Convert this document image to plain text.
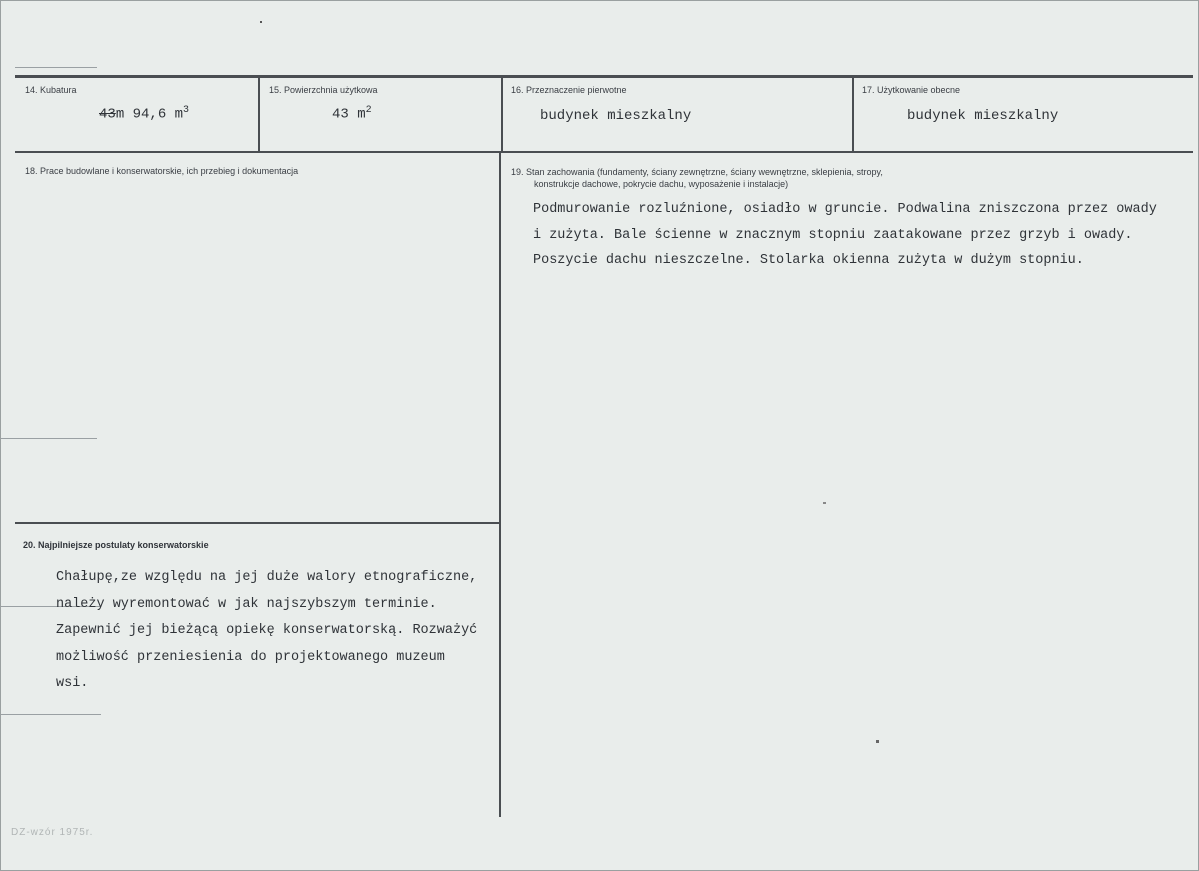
14. Kubatura
43m 94,6 $m^3$
15. Powierzchnia użytkowa
43 $m^2$
16. Przeznaczenie pierwotne
budynek mieszkalny
17. Użytkowanie obecne
budynek mieszkalny
18. Prace budowlane i konserwatorskie, ich przebieg i dokumentacja	19. Stan zachowania (fundamenty, ściany zewnętrzne, ściany wewnętrzne, sklepienia, stropy,
konstrukcje dachowe, pokrycie dachu, wyposażenie i instalacje)
Podmurowanie rozluźnione, osiadło w gruncie. Podwalina zniszczona przez owady
i zużyta. Bale ścienne w znacznym stopniu zaatakowane przez grzyb i owady.
Poszycie dachu nieszczelne. Stolarka okienna zużyta w dużym stopniu.
20. Najpilniejsze postulaty konserwatorskie
Chałupę,ze względu na jej duże walory etnograficzne,
należy wyremontować w jak najszybszym terminie.
Zapewnić jej bieżącą opiekę konserwatorską. Rozważyć
możliwość przeniesienia do projektowanego muzeum
wsi.
DZ-wzór 1975r.
